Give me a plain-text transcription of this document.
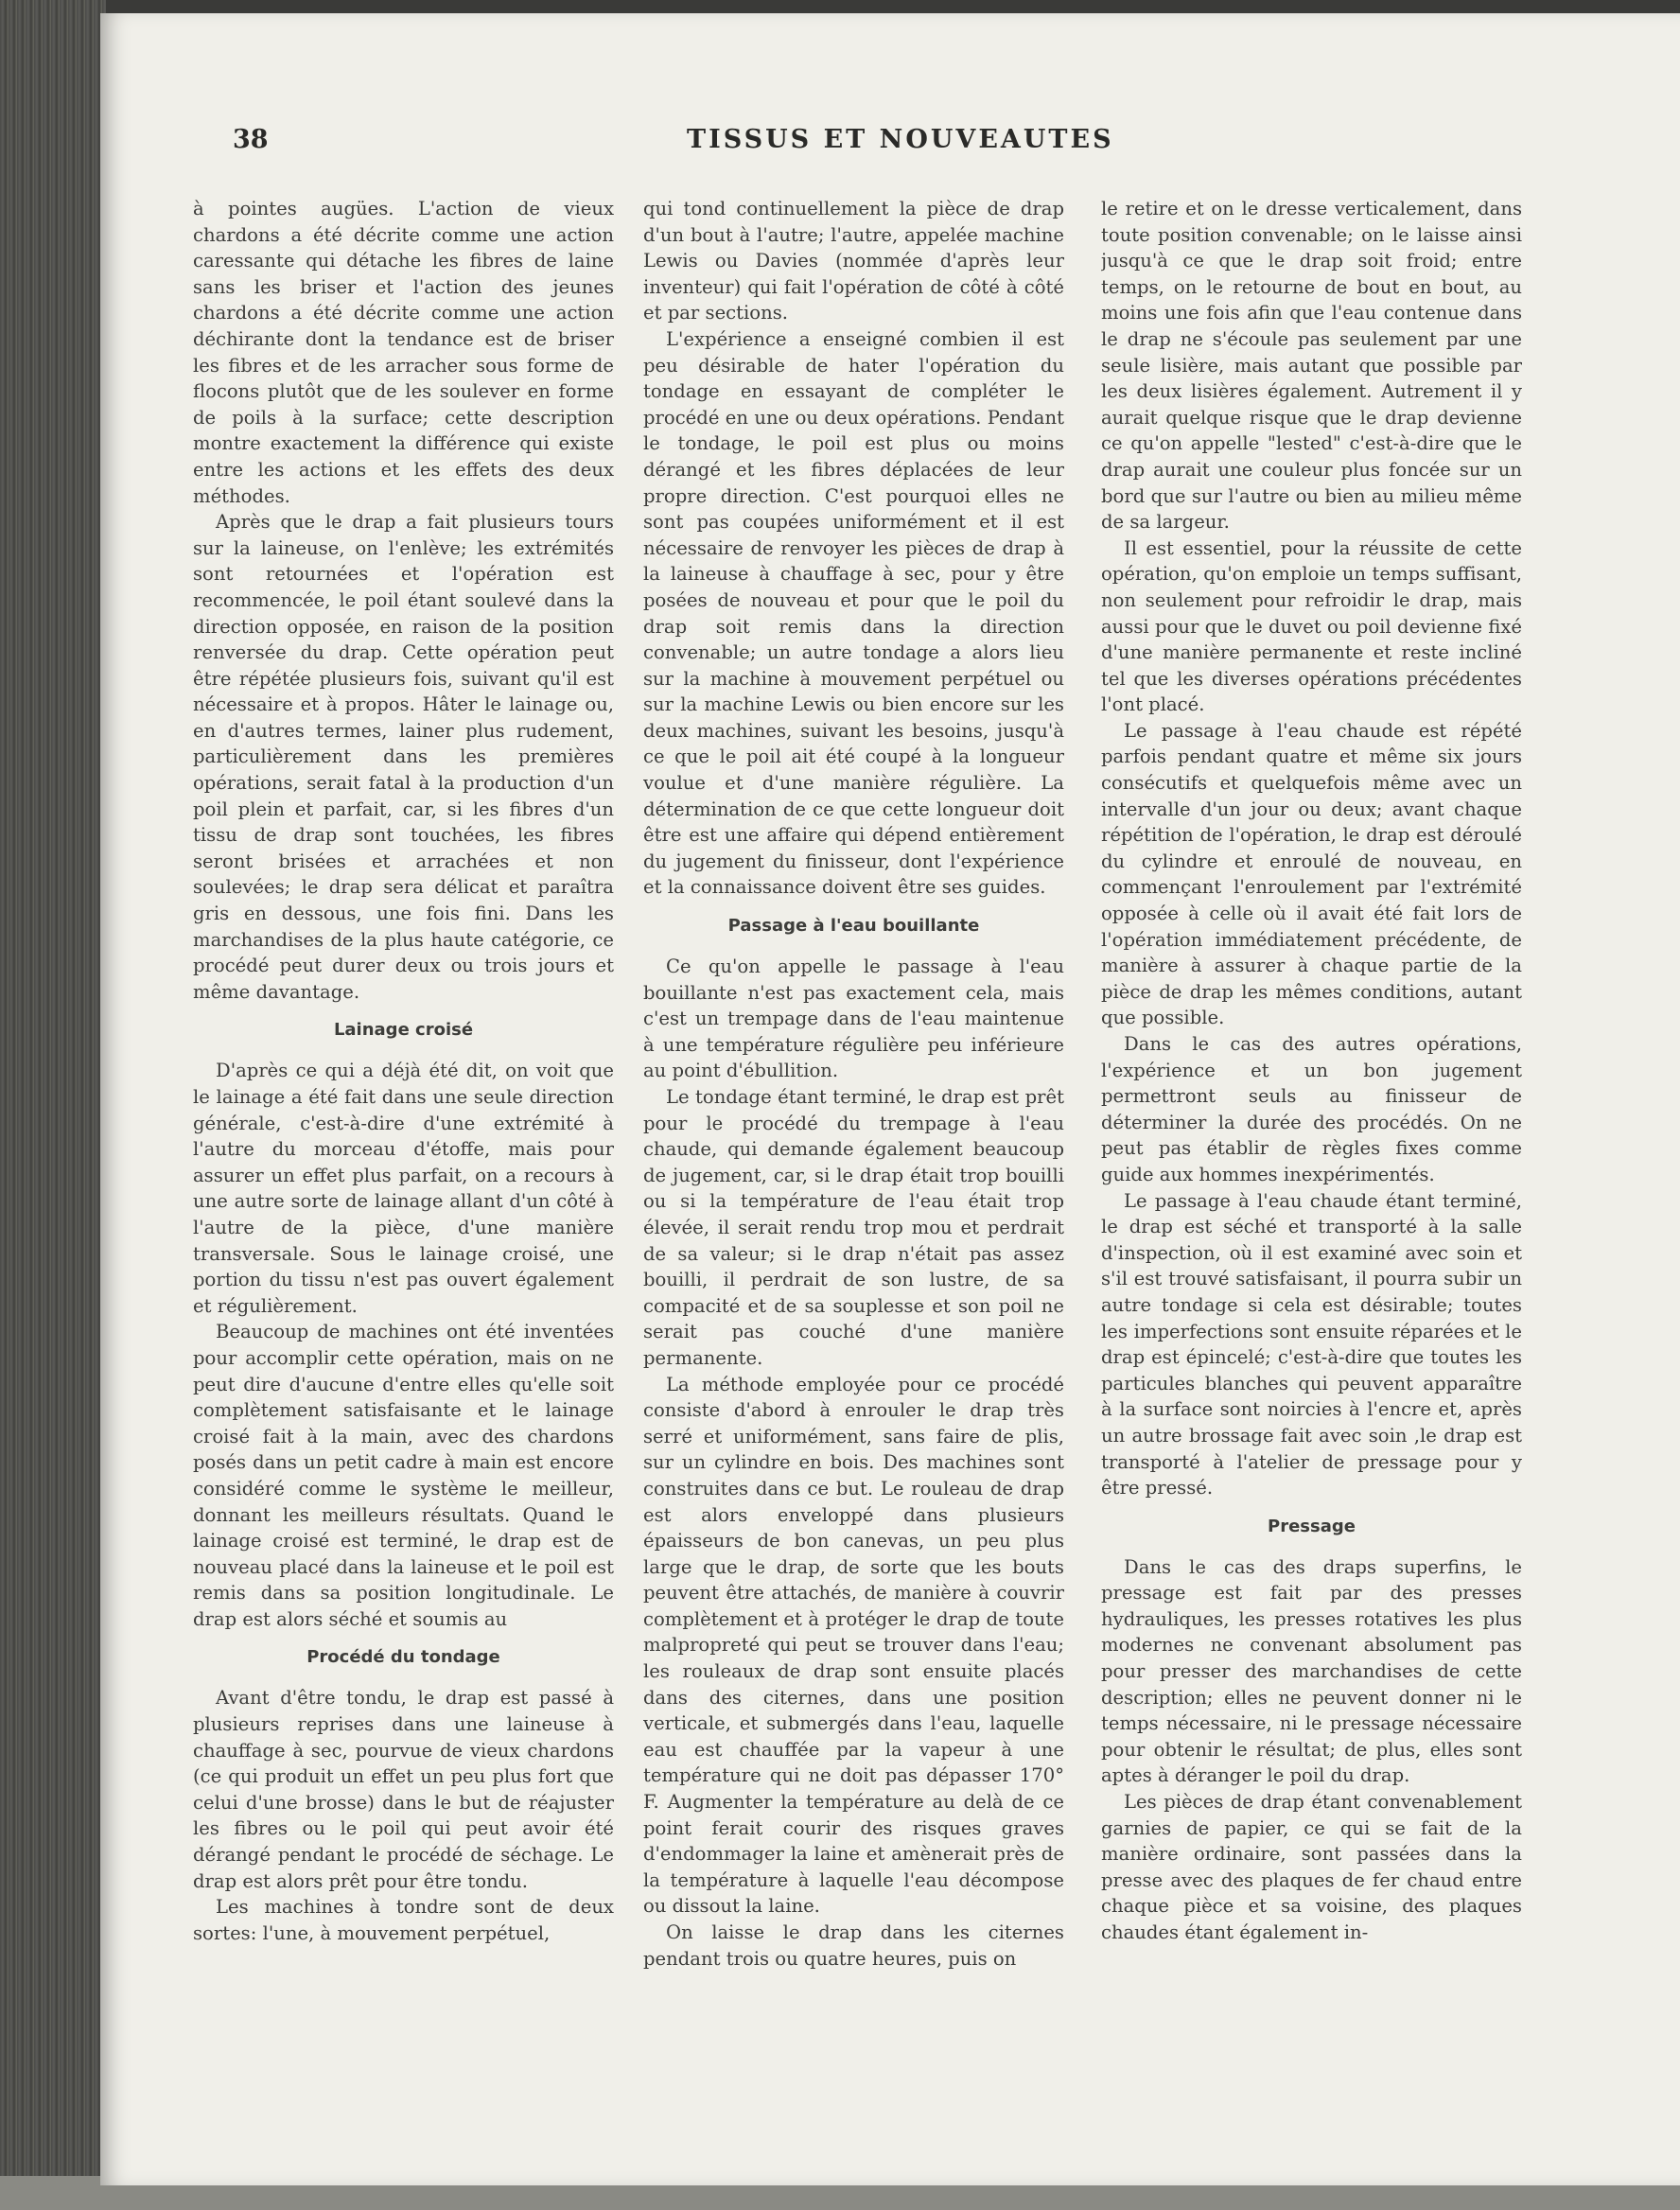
38	TISSUS ET NOUVEAUTES

à pointes augües. L'action de vieux chardons a été décrite comme une action caressante qui détache les fibres de laine sans les briser et l'action des jeunes chardons a été décrite comme une action déchirante dont la tendance est de briser les fibres et de les arracher sous forme de flocons plutôt que de les soulever en forme de poils à la surface; cette description montre exactement la différence qui existe entre les actions et les effets des deux méthodes.

Après que le drap a fait plusieurs tours sur la laineuse, on l'enlève; les extrémités sont retournées et l'opération est recommencée, le poil étant soulevé dans la direction opposée, en raison de la position renversée du drap. Cette opération peut être répétée plusieurs fois, suivant qu'il est nécessaire et à propos. Hâter le lainage ou, en d'autres termes, lainer plus rudement, particulièrement dans les premières opérations, serait fatal à la production d'un poil plein et parfait, car, si les fibres d'un tissu de drap sont touchées, les fibres seront brisées et arrachées et non soulevées; le drap sera délicat et paraîtra gris en dessous, une fois fini. Dans les marchandises de la plus haute catégorie, ce procédé peut durer deux ou trois jours et même davantage.

Lainage croisé

D'après ce qui a déjà été dit, on voit que le lainage a été fait dans une seule direction générale, c'est-à-dire d'une extrémité à l'autre du morceau d'étoffe, mais pour assurer un effet plus parfait, on a recours à une autre sorte de lainage allant d'un côté à l'autre de la pièce, d'une manière transversale. Sous le lainage croisé, une portion du tissu n'est pas ouvert également et régulièrement.

Beaucoup de machines ont été inventées pour accomplir cette opération, mais on ne peut dire d'aucune d'entre elles qu'elle soit complètement satisfaisante et le lainage croisé fait à la main, avec des chardons posés dans un petit cadre à main est encore considéré comme le système le meilleur, donnant les meilleurs résultats. Quand le lainage croisé est terminé, le drap est de nouveau placé dans la laineuse et le poil est remis dans sa position longitudinale. Le drap est alors séché et soumis au

Procédé du tondage

Avant d'être tondu, le drap est passé à plusieurs reprises dans une laineuse à chauffage à sec, pourvue de vieux chardons (ce qui produit un effet un peu plus fort que celui d'une brosse) dans le but de réajuster les fibres ou le poil qui peut avoir été dérangé pendant le procédé de séchage. Le drap est alors prêt pour être tondu.

Les machines à tondre sont de deux sortes: l'une, à mouvement perpétuel,

qui tond continuellement la pièce de drap d'un bout à l'autre; l'autre, appelée machine Lewis ou Davies (nommée d'après leur inventeur) qui fait l'opération de côté à côté et par sections.

L'expérience a enseigné combien il est peu désirable de hater l'opération du tondage en essayant de compléter le procédé en une ou deux opérations. Pendant le tondage, le poil est plus ou moins dérangé et les fibres déplacées de leur propre direction. C'est pourquoi elles ne sont pas coupées uniformément et il est nécessaire de renvoyer les pièces de drap à la laineuse à chauffage à sec, pour y être posées de nouveau et pour que le poil du drap soit remis dans la direction convenable; un autre tondage a alors lieu sur la machine à mouvement perpétuel ou sur la machine Lewis ou bien encore sur les deux machines, suivant les besoins, jusqu'à ce que le poil ait été coupé à la longueur voulue et d'une manière régulière. La détermination de ce que cette longueur doit être est une affaire qui dépend entièrement du jugement du finisseur, dont l'expérience et la connaissance doivent être ses guides.

Passage à l'eau bouillante

Ce qu'on appelle le passage à l'eau bouillante n'est pas exactement cela, mais c'est un trempage dans de l'eau maintenue à une température régulière peu inférieure au point d'ébullition.

Le tondage étant terminé, le drap est prêt pour le procédé du trempage à l'eau chaude, qui demande également beaucoup de jugement, car, si le drap était trop bouilli ou si la température de l'eau était trop élevée, il serait rendu trop mou et perdrait de sa valeur; si le drap n'était pas assez bouilli, il perdrait de son lustre, de sa compacité et de sa souplesse et son poil ne serait pas couché d'une manière permanente.

La méthode employée pour ce procédé consiste d'abord à enrouler le drap très serré et uniformément, sans faire de plis, sur un cylindre en bois. Des machines sont construites dans ce but. Le rouleau de drap est alors enveloppé dans plusieurs épaisseurs de bon canevas, un peu plus large que le drap, de sorte que les bouts peuvent être attachés, de manière à couvrir complètement et à protéger le drap de toute malpropreté qui peut se trouver dans l'eau; les rouleaux de drap sont ensuite placés dans des citernes, dans une position verticale, et submergés dans l'eau, laquelle eau est chauffée par la vapeur à une température qui ne doit pas dépasser 170° F. Augmenter la température au delà de ce point ferait courir des risques graves d'endommager la laine et amènerait près de la température à laquelle l'eau décompose ou dissout la laine.

On laisse le drap dans les citernes pendant trois ou quatre heures, puis on

le retire et on le dresse verticalement, dans toute position convenable; on le laisse ainsi jusqu'à ce que le drap soit froid; entre temps, on le retourne de bout en bout, au moins une fois afin que l'eau contenue dans le drap ne s'écoule pas seulement par une seule lisière, mais autant que possible par les deux lisières également. Autrement il y aurait quelque risque que le drap devienne ce qu'on appelle "lested" c'est-à-dire que le drap aurait une couleur plus foncée sur un bord que sur l'autre ou bien au milieu même de sa largeur.

Il est essentiel, pour la réussite de cette opération, qu'on emploie un temps suffisant, non seulement pour refroidir le drap, mais aussi pour que le duvet ou poil devienne fixé d'une manière permanente et reste incliné tel que les diverses opérations précédentes l'ont placé.

Le passage à l'eau chaude est répété parfois pendant quatre et même six jours consécutifs et quelquefois même avec un intervalle d'un jour ou deux; avant chaque répétition de l'opération, le drap est déroulé du cylindre et enroulé de nouveau, en commençant l'enroulement par l'extrémité opposée à celle où il avait été fait lors de l'opération immédiatement précédente, de manière à assurer à chaque partie de la pièce de drap les mêmes conditions, autant que possible.

Dans le cas des autres opérations, l'expérience et un bon jugement permettront seuls au finisseur de déterminer la durée des procédés. On ne peut pas établir de règles fixes comme guide aux hommes inexpérimentés.

Le passage à l'eau chaude étant terminé, le drap est séché et transporté à la salle d'inspection, où il est examiné avec soin et s'il est trouvé satisfaisant, il pourra subir un autre tondage si cela est désirable; toutes les imperfections sont ensuite réparées et le drap est épincelé; c'est-à-dire que toutes les particules blanches qui peuvent apparaître à la surface sont noircies à l'encre et, après un autre brossage fait avec soin ,le drap est transporté à l'atelier de pressage pour y être pressé.

Pressage

Dans le cas des draps superfins, le pressage est fait par des presses hydrauliques, les presses rotatives les plus modernes ne convenant absolument pas pour presser des marchandises de cette description; elles ne peuvent donner ni le temps nécessaire, ni le pressage nécessaire pour obtenir le résultat; de plus, elles sont aptes à déranger le poil du drap.

Les pièces de drap étant convenablement garnies de papier, ce qui se fait de la manière ordinaire, sont passées dans la presse avec des plaques de fer chaud entre chaque pièce et sa voisine, des plaques chaudes étant également in-
